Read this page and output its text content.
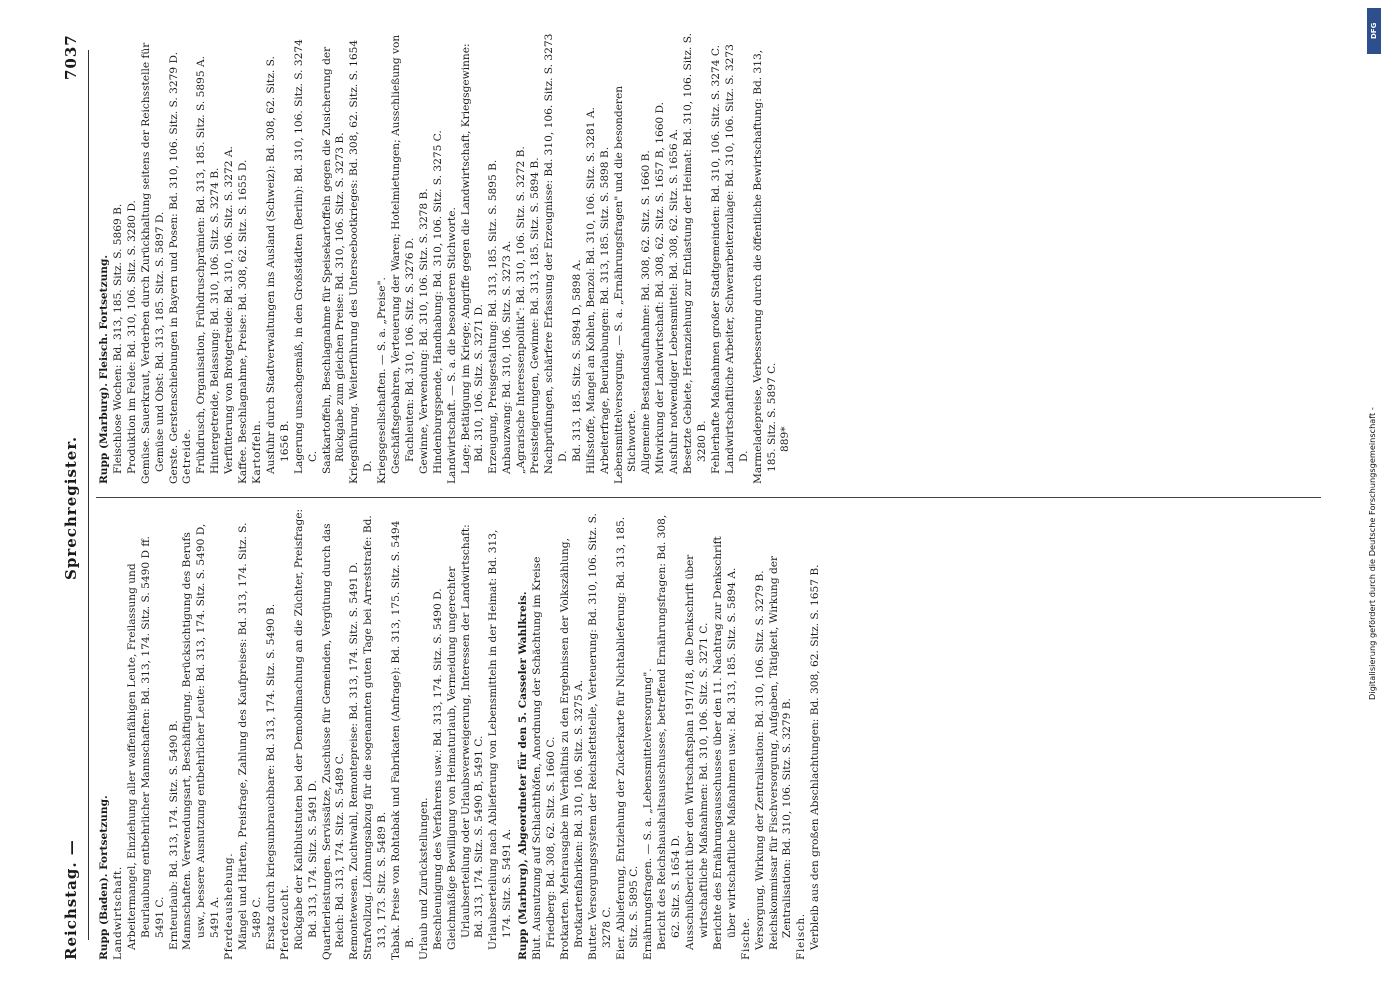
Reichstag. —
Sprechregister.
7037

Rupp (Baden). Fortsetzung. Landwirtschaft. Arbeitermangel, Einziehung aller waffenfähigen Leute, Freilassung und Beurlaubung entbehrlicher Mannschaften: Bd. 313, 174. Sitz. S. 5490 D ff. 5491 C. Ernteurlaub: Bd. 313, 174. Sitz. S. 5490 B. Mannschaften. Verwendungsart, Beschäftigung. Berücksichtigung des Berufs usw., bessere Ausnutzung entbehrlicher Leute: Bd. 313, 174. Sitz. S. 5490 D, 5491 A. Pferdeaushebung. Mängel und Härten, Preisfrage, Zahlung des Kaufpreises: Bd. 313, 174. Sitz. S. 5489 C. Ersatz durch kriegsunbrauchbare: Bd. 313, 174. Sitz. S. 5490 B. Pferdezucht. Rückgabe der Kaltblutstuten bei der Demobilmachung an die Züchter, Preisfrage: Bd. 313, 174. Sitz. S. 5491 D. Quartierleistungen. Servissätze, Zuschüsse für Gemeinden, Vergütung durch das Reich: Bd. 313, 174. Sitz. S. 5489 C. Remontewesen. Zuchtwahl, Remontepreise: Bd. 313, 174. Sitz. S. 5491 D. Strafvollzug. Löhnungsabzug für die sogenannten guten Tage bei Arreststrafe: Bd. 313, 173. Sitz. S. 5489 B. Tabak. Preise von Rohtabak und Fabrikaten (Anfrage): Bd. 313, 175. Sitz. S. 5494 B. Urlaub und Zurückstellungen. Beschleunigung des Verfahrens usw.: Bd. 313, 174. Sitz. S. 5490 D. Gleichmäßige Bewilligung von Heimaturlaub, Vermeidung ungerechter Urlaubserteilung oder Urlaubsverweigerung, Interessen der Landwirtschaft: Bd. 313, 174. Sitz. S. 5490 B, 5491 C. Urlaubserteilung nach Ablieferung von Lebensmitteln in der Heimat: Bd. 313, 174. Sitz. S. 5491 A. Rupp (Marburg), Abgeordneter für den 5. Casseler Wahlkreis. Blut. Ausnutzung auf Schlachthöfen, Anordnung der Schächtung im Kreise Friedberg: Bd. 308, 62. Sitz. S. 1660 C. Brotkarten. Mehrausgabe im Verhältnis zu den Ergebnissen der Volkszählung, Brotkartenfabriken: Bd. 310, 106. Sitz. S. 3275 A. Butter. Versorgungssystem der Reichsfettstelle, Verteuerung: Bd. 310, 106. Sitz. S. 3278 C. Eier. Ablieferung, Entziehung der Zuckerkarte für Nichtablieferung: Bd. 313, 185. Sitz. S. 5895 C. Ernährungsfragen. — S. a. „Lebensmittelversorgung". Bericht des Reichshaushaltsausschusses, betreffend Ernährungsfragen: Bd. 308, 62. Sitz. S. 1654 D. Ausschußbericht über den Wirtschaftsplan 1917/18, die Denkschrift über wirtschaftliche Maßnahmen: Bd. 310, 106. Sitz. S. 3271 C. Berichte des Ernährungsausschusses über den 11. Nachtrag zur Denkschrift über wirtschaftliche Maßnahmen usw.: Bd. 313, 185. Sitz. S. 5894 A.

Fische. Versorgung, Wirkung der Zentralisation: Bd. 310, 106. Sitz. S. 3279 B. Reichskommissar für Fischversorgung, Aufgaben, Tätigkeit, Wirkung der Zentralisation: Bd. 310, 106. Sitz. S. 3279 B. Fleisch. Verbleib aus den großen Abschlachtungen: Bd. 308, 62. Sitz. S. 1657 B.

Rupp (Marburg). Fleisch. Fortsetzung. Fleischlose Wochen: Bd. 313, 185. Sitz. S. 5869 B. Produktion im Felde: Bd. 310, 106. Sitz. S. 3280 D. Gemüse. Sauerkraut, Verderben durch Zurückhaltung seitens der Reichsstelle für Gemüse und Obst: Bd. 313, 185. Sitz. S. 5897 D. Gerste. Gerstenschiebungen in Bayern und Posen: Bd. 310, 106. Sitz. S. 3279 D. Getreide. Frühdrusch, Organisation, Frühdruschprämien: Bd. 313, 185. Sitz. S. 5895 A. Hintergetreide, Belassung: Bd. 310, 106. Sitz. S. 3274 B. Verfütterung von Brotgetreide: Bd. 310, 106. Sitz. S. 3272 A. Kaffee. Beschlagnahme, Preise: Bd. 308, 62. Sitz. S. 1655 D. Kartoffeln. Ausfuhr durch Stadtverwaltungen ins Ausland (Schweiz): Bd. 308, 62. Sitz. S. 1656 B. Lagerung unsachgemäß, in den Großstädten (Berlin): Bd. 310, 106. Sitz. S. 3274 C. Saatkartoffeln, Beschlagnahme für Speisekartoffeln gegen die Zusicherung der Rückgabe zum gleichen Preise: Bd. 310, 106. Sitz. S. 3273 B. Kriegsführung. Weiterführung des Unterseebootkrieges: Bd. 308, 62. Sitz. S. 1654 D. Kriegsgesellschaften. — S. a. „Preise". Geschäftsgebahren, Verteuerung der Waren; Hotelmietungen; Ausschließung von Fachleuten: Bd. 310, 106. Sitz. S. 3276 D. Gewinne, Verwendung: Bd. 310, 106. Sitz. S. 3278 B. Hindenburgspende, Handhabung: Bd. 310, 106. Sitz. S. 3275 C. Landwirtschaft. — S. a. die besonderen Stichworte. Lage; Betätigung im Kriege; Angriffe gegen die Landwirtschaft, Kriegsgewinne: Bd. 310, 106. Sitz. S. 3271 D. Erzeugung, Preisgestaltung: Bd. 313, 185. Sitz. S. 5895 B. Anbauzwang: Bd. 310, 106. Sitz. S. 3273 A. „Agrarische Interessenpolitik": Bd. 310, 106. Sitz. S. 3272 B. Preissteigerungen, Gewinne: Bd. 313, 185. Sitz. S. 5894 B. Nachprüfungen, schärfere Erfassung der Erzeugnisse: Bd. 310, 106. Sitz. S. 3273 D. Bd. 313, 185. Sitz. S. 5894 D, 5898 A. Hilfsstoffe, Mangel an Kohlen, Benzol: Bd. 310, 106. Sitz. S. 3281 A. Arbeiterfrage, Beurlaubungen: Bd. 313, 185. Sitz. S. 5898 B. Lebensmittelversorgung. — S. a. „Ernährungsfragen" und die besonderen Stichworte. Allgemeine Bestandsaufnahme: Bd. 308, 62. Sitz. S. 1660 B. Mitwirkung der Landwirtschaft: Bd. 308, 62. Sitz. S. 1657 B, 1660 D. Ausfuhr notwendiger Lebensmittel: Bd. 308, 62. Sitz. S. 1656 A. Besetzte Gebiete, Heranziehung zur Entlastung der Heimat: Bd. 310, 106. Sitz. S. 3280 B. Fehlerhafte Maßnahmen großer Stadtgemeinden: Bd. 310, 106. Sitz. S. 3274 C. Landwirtschaftliche Arbeiter, Schwerarbeiterzulage: Bd. 310, 106. Sitz. S. 3273 D. Marmeladepreise, Verbesserung durch die öffentliche Bewirtschaftung: Bd. 313, 185. Sitz. S. 5897 C. 889*

DFG
Digitalisierung gefördert durch die Deutsche Forschungsgemeinschaft -
